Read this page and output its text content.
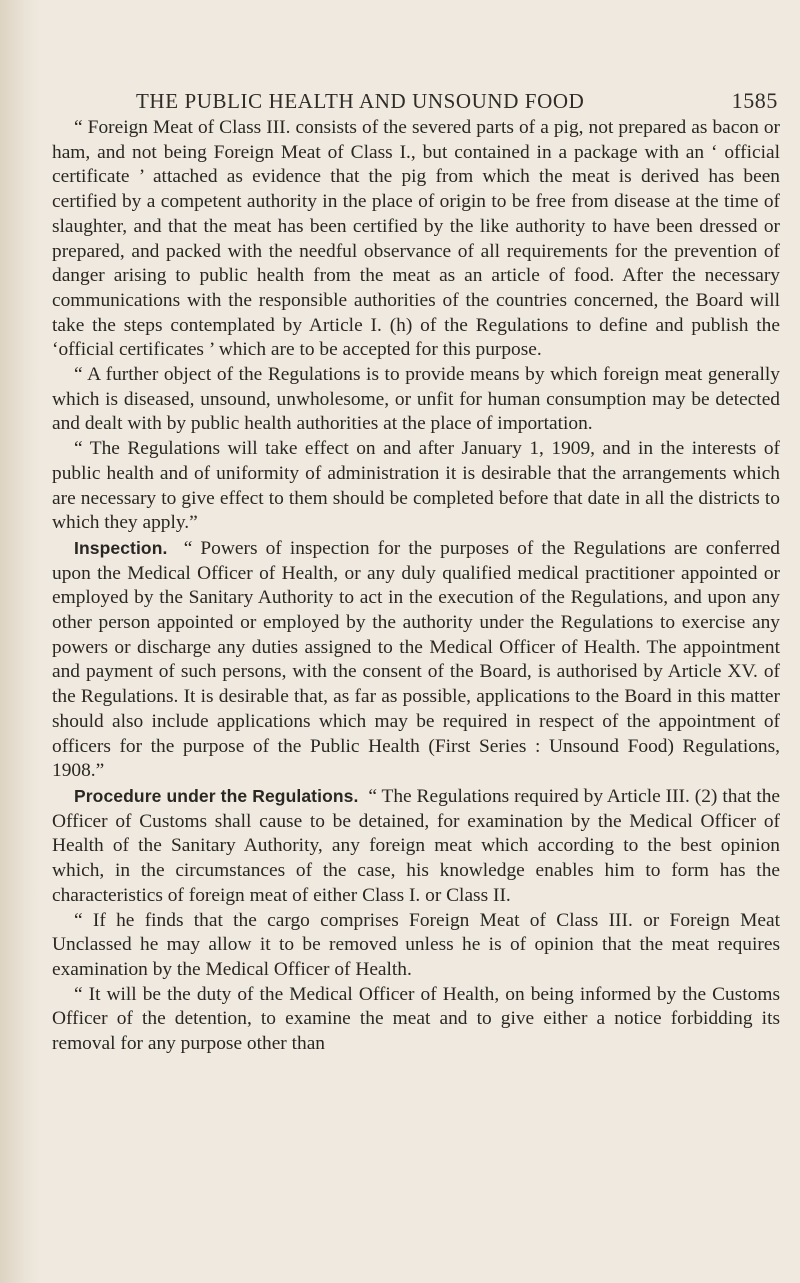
THE PUBLIC HEALTH AND UNSOUND FOOD	1585

“ Foreign Meat of Class III. consists of the severed parts of a pig, not prepared as bacon or ham, and not being Foreign Meat of Class I., but contained in a package with an ‘ official certificate ’ attached as evidence that the pig from which the meat is derived has been certified by a competent authority in the place of origin to be free from disease at the time of slaughter, and that the meat has been certified by the like authority to have been dressed or prepared, and packed with the needful observance of all requirements for the prevention of danger arising to public health from the meat as an article of food. After the necessary communications with the responsible authorities of the countries concerned, the Board will take the steps contemplated by Article I. (h) of the Regulations to define and publish the ‘official certificates ’ which are to be accepted for this purpose.

“ A further object of the Regulations is to provide means by which foreign meat generally which is diseased, unsound, unwholesome, or unfit for human consumption may be detected and dealt with by public health authorities at the place of importation.

“ The Regulations will take effect on and after January 1, 1909, and in the interests of public health and of uniformity of administration it is desirable that the arrangements which are necessary to give effect to them should be completed before that date in all the districts to which they apply.”

Inspection. “ Powers of inspection for the purposes of the Regulations are conferred upon the Medical Officer of Health, or any duly qualified medical practitioner appointed or employed by the Sanitary Authority to act in the execution of the Regulations, and upon any other person appointed or employed by the authority under the Regulations to exercise any powers or discharge any duties assigned to the Medical Officer of Health. The appointment and payment of such persons, with the consent of the Board, is authorised by Article XV. of the Regulations. It is desirable that, as far as possible, applications to the Board in this matter should also include applications which may be required in respect of the appointment of officers for the purpose of the Public Health (First Series : Unsound Food) Regulations, 1908.”

Procedure under the Regulations. “ The Regulations required by Article III. (2) that the Officer of Customs shall cause to be detained, for examination by the Medical Officer of Health of the Sanitary Authority, any foreign meat which according to the best opinion which, in the circumstances of the case, his knowledge enables him to form has the characteristics of foreign meat of either Class I. or Class II.

“ If he finds that the cargo comprises Foreign Meat of Class III. or Foreign Meat Unclassed he may allow it to be removed unless he is of opinion that the meat requires examination by the Medical Officer of Health.

“ It will be the duty of the Medical Officer of Health, on being informed by the Customs Officer of the detention, to examine the meat and to give either a notice forbidding its removal for any purpose other than
